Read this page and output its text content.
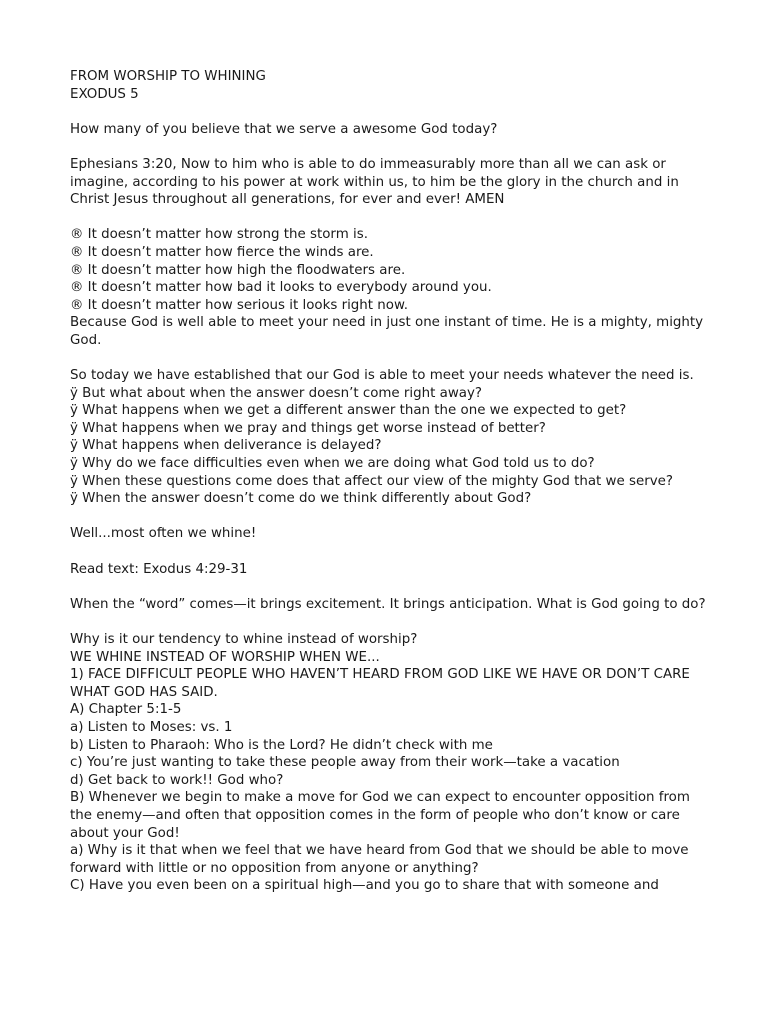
FROM WORSHIP TO WHINING

EXODUS 5

How many of you believe that we serve a awesome God today?

Ephesians 3:20, Now to him who is able to do immeasurably more than all we can ask or imagine, according to his power at work within us, to him be the glory in the church and in Christ Jesus throughout all generations, for ever and ever! AMEN

® It doesn’t matter how strong the storm is.

® It doesn’t matter how fierce the winds are.

® It doesn’t matter how high the floodwaters are.

® It doesn’t matter how bad it looks to everybody around you.

® It doesn’t matter how serious it looks right now.

Because God is well able to meet your need in just one instant of time. He is a mighty, mighty God.

So today we have established that our God is able to meet your needs whatever the need is.

ÿ But what about when the answer doesn’t come right away?

ÿ What happens when we get a different answer than the one we expected to get?

ÿ What happens when we pray and things get worse instead of better?

ÿ What happens when deliverance is delayed?

ÿ Why do we face difficulties even when we are doing what God told us to do?

ÿ When these questions come does that affect our view of the mighty God that we serve?

ÿ When the answer doesn’t come do we think differently about God?

Well...most often we whine!

Read text: Exodus 4:29-31

When the “word” comes—it brings excitement. It brings anticipation. What is God going to do?

Why is it our tendency to whine instead of worship?

WE WHINE INSTEAD OF WORSHIP WHEN WE...

1) FACE DIFFICULT PEOPLE WHO HAVEN’T HEARD FROM GOD LIKE WE HAVE OR DON’T CARE WHAT GOD HAS SAID.

A) Chapter 5:1-5

a) Listen to Moses: vs. 1

b) Listen to Pharaoh: Who is the Lord? He didn’t check with me

c) You’re just wanting to take these people away from their work—take a vacation

d) Get back to work!! God who?

B) Whenever we begin to make a move for God we can expect to encounter opposition from the enemy—and often that opposition comes in the form of people who don’t know or care about your God!

a) Why is it that when we feel that we have heard from God that we should be able to move forward with little or no opposition from anyone or anything?

C) Have you even been on a spiritual high—and you go to share that with someone and
